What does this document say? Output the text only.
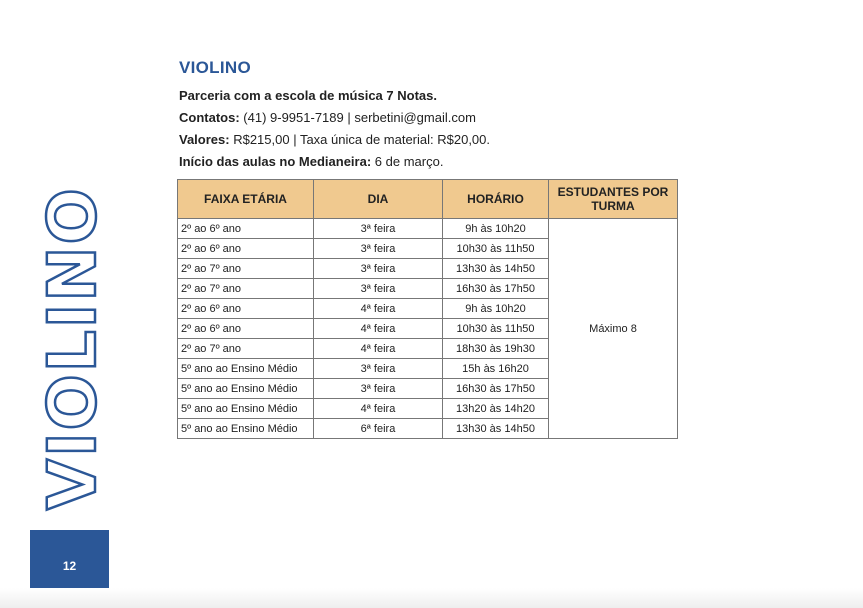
VIOLINO
12
VIOLINO

Parceria com a escola de música 7 Notas.

Contatos: (41) 9-9951-7189 | serbetini@gmail.com

Valores: R$215,00 | Taxa única de material: R$20,00.

Início das aulas no Medianeira: 6 de março.

FAIXA ETÁRIA	DIA	HORÁRIO	ESTUDANTES POR TURMA
2º ao 6º ano	3ª feira	9h às 10h20	Máximo 8
2º ao 6º ano	3ª feira	10h30 às 11h50	
2º ao 7º ano	3ª feira	13h30 às 14h50	
2º ao 7º ano	3ª feira	16h30 às 17h50	
2º ao 6º ano	4ª feira	9h às 10h20	
2º ao 6º ano	4ª feira	10h30 às 11h50	
2º ao 7º ano	4ª feira	18h30 às 19h30	
5º ano ao Ensino Médio	3ª feira	15h às 16h20	
5º ano ao Ensino Médio	3ª feira	16h30 às 17h50	
5º ano ao Ensino Médio	4ª feira	13h20 às 14h20	
5º ano ao Ensino Médio	6ª feira	13h30 às 14h50	
